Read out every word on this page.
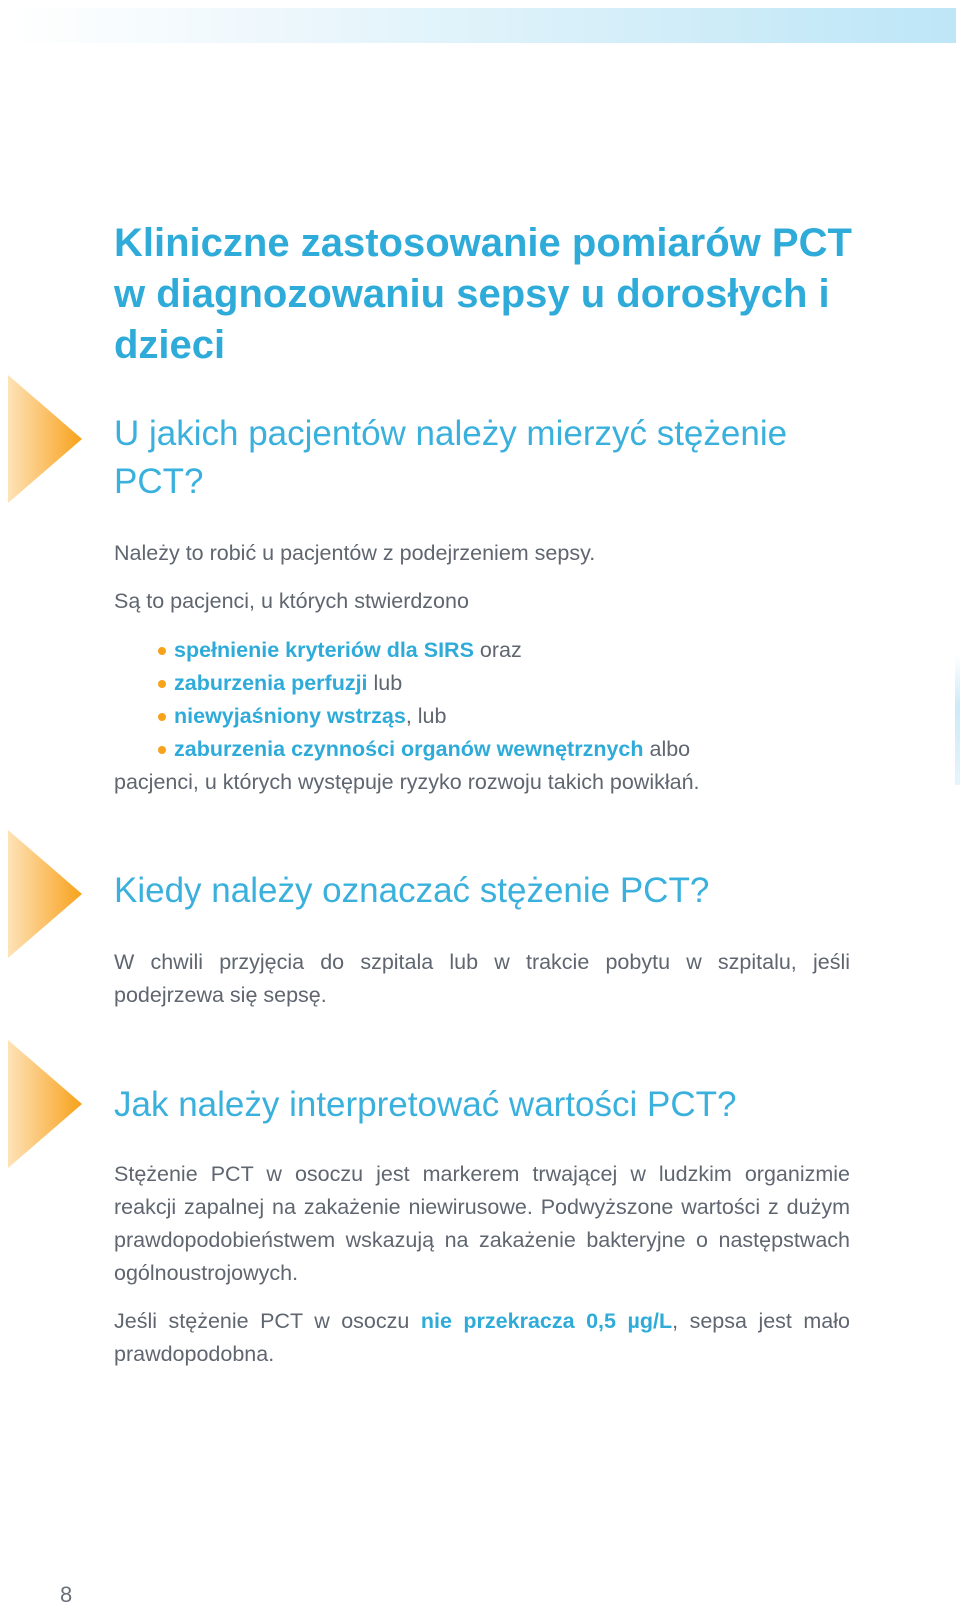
Kliniczne zastosowanie pomiarów PCT w diagnozowaniu sepsy u dorosłych i dzieci
U jakich pacjentów należy mierzyć stężenie PCT?

Należy to robić u pacjentów z podejrzeniem sepsy.

Są to pacjenci, u których stwierdzono

spełnienie kryteriów dla SIRS oraz
zaburzenia perfuzji lub
niewyjaśniony wstrząs, lub
zaburzenia czynności organów wewnętrznych albo

pacjenci, u których występuje ryzyko rozwoju takich powikłań.

Kiedy należy oznaczać stężenie PCT?

W chwili przyjęcia do szpitala lub w trakcie pobytu w szpitalu, jeśli podejrzewa się sepsę.

Jak należy interpretować wartości PCT?

Stężenie PCT w osoczu jest markerem trwającej w ludzkim organizmie reakcji zapalnej na zakażenie niewirusowe. Podwyższone wartości z dużym prawdopodobieństwem wskazują na zakażenie bakteryjne o następstwach ogólnoustrojowych.

Jeśli stężenie PCT w osoczu nie przekracza 0,5 µg/L, sepsa jest mało prawdopodobna.

8
